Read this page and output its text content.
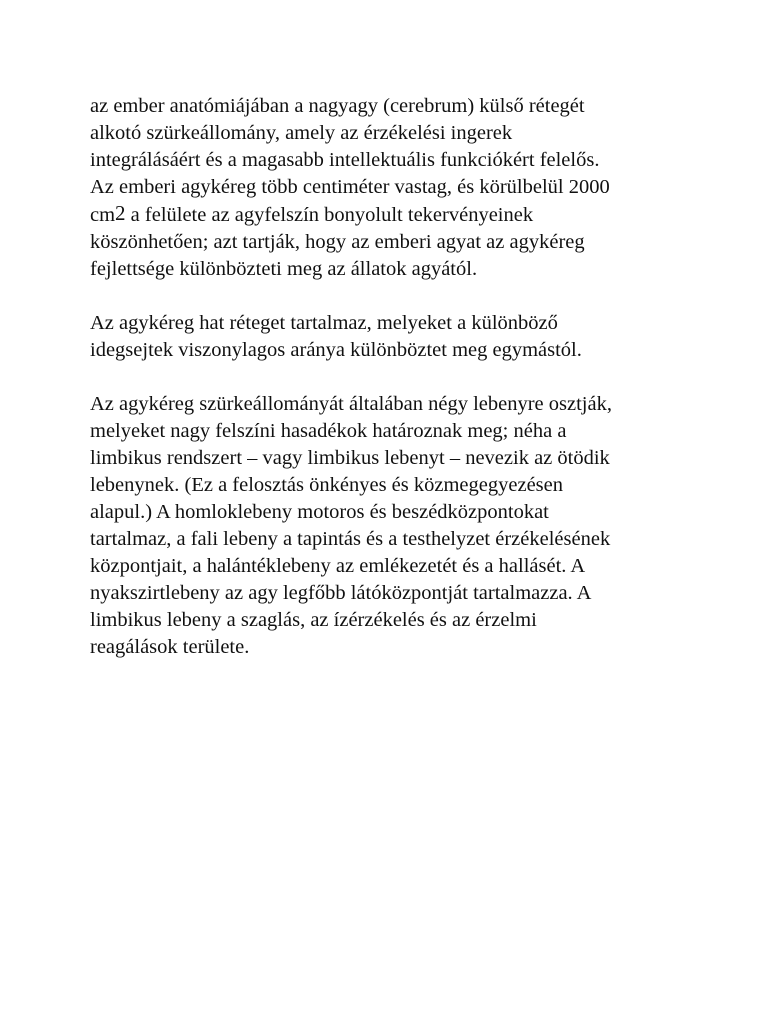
az ember anatómiájában a nagyagy (cerebrum) külső rétegét
alkotó szürkeállomány, amely az érzékelési ingerek
integrálásáért és a magasabb intellektuális funkciókért felelős.
Az emberi agykéreg több centiméter vastag, és körülbelül 2000
cm2 a felülete az agyfelszín bonyolult tekervényeinek
köszönhetően; azt tartják, hogy az emberi agyat az agykéreg
fejlettsége különbözteti meg az állatok agyától.

Az agykéreg hat réteget tartalmaz, melyeket a különböző
idegsejtek viszonylagos aránya különböztet meg egymástól.

Az agykéreg szürkeállományát általában négy lebenyre osztják,
melyeket nagy felszíni hasadékok határoznak meg; néha a
limbikus rendszert – vagy limbikus lebenyt – nevezik az ötödik
lebenynek. (Ez a felosztás önkényes és közmegegyezésen
alapul.) A homloklebeny motoros és beszédközpontokat
tartalmaz, a fali lebeny a tapintás és a testhelyzet érzékelésének
központjait, a halántéklebeny az emlékezetét és a hallásét. A
nyakszirtlebeny az agy legfőbb látóközpontját tartalmazza. A
limbikus lebeny a szaglás, az ízérzékelés és az érzelmi
reagálások területe.
